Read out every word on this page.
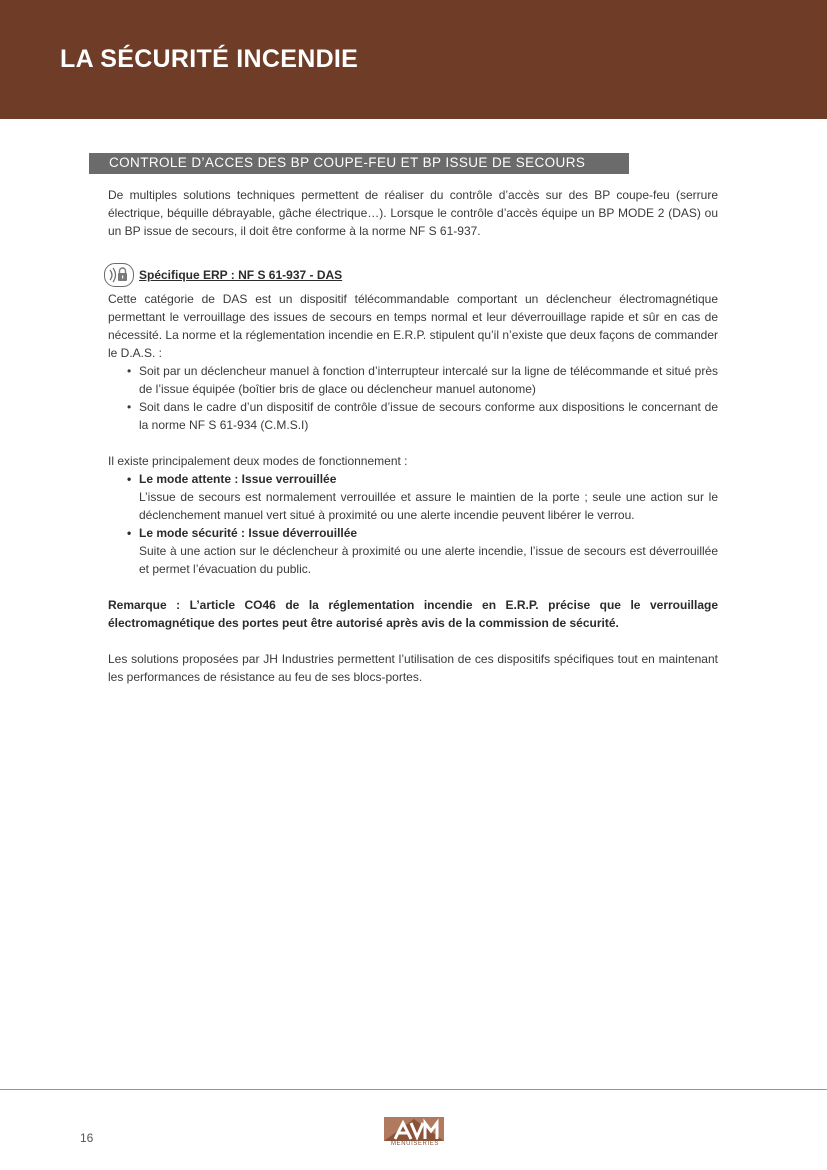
LA SÉCURITÉ INCENDIE
CONTROLE D’ACCES DES BP COUPE-FEU ET BP ISSUE DE SECOURS

De multiples solutions techniques permettent de réaliser du contrôle d’accès sur des BP coupe-feu (serrure électrique, béquille débrayable, gâche électrique…). Lorsque le contrôle d’accès équipe un BP MODE 2 (DAS) ou un BP issue de secours, il doit être conforme à la norme NF S 61-937.

Spécifique ERP : NF S 61-937 - DAS

Cette catégorie de DAS est un dispositif télécommandable comportant un déclencheur électromagnétique permettant le verrouillage des issues de secours en temps normal et leur déverrouillage rapide et sûr en cas de nécessité. La norme et la réglementation incendie en E.R.P. stipulent qu’il n’existe que deux façons de commander le D.A.S. :

• Soit par un déclencheur manuel à fonction d’interrupteur intercalé sur la ligne de télécommande et situé près de l’issue équipée (boîtier bris de glace ou déclencheur manuel autonome)
• Soit dans le cadre d’un dispositif de contrôle d’issue de secours conforme aux dispositions le concernant de la norme NF S 61-934 (C.M.S.I)

Il existe principalement deux modes de fonctionnement :

• Le mode attente : Issue verrouillée
L’issue de secours est normalement verrouillée et assure le maintien de la porte ; seule une action sur le déclenchement manuel vert situé à proximité ou une alerte incendie peuvent libérer le verrou.
• Le mode sécurité : Issue déverrouillée
Suite à une action sur le déclencheur à proximité ou une alerte incendie, l’issue de secours est déverrouillée et permet l’évacuation du public.

Remarque : L’article CO46 de la réglementation incendie en E.R.P. précise que le verrouillage électromagnétique des portes peut être autorisé après avis de la commission de sécurité.

Les solutions proposées par JH Industries permettent l’utilisation de ces dispositifs spécifiques tout en maintenant les performances de résistance au feu de ses blocs-portes.

16	MENUISERIES
